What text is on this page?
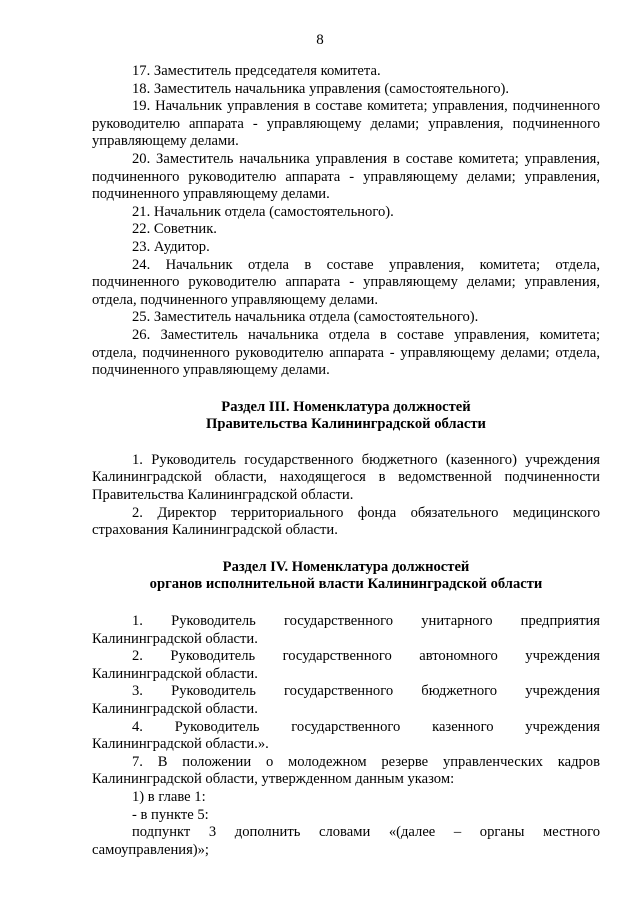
8

17. Заместитель председателя комитета.

18. Заместитель начальника управления (самостоятельного).

19. Начальник управления в составе комитета; управления, подчиненного руководителю аппарата - управляющему делами; управления, подчиненного управляющему делами.

20. Заместитель начальника управления в составе комитета; управления, подчиненного руководителю аппарата - управляющему делами; управления, подчиненного управляющему делами.

21. Начальник отдела (самостоятельного).

22. Советник.

23. Аудитор.

24. Начальник отдела в составе управления, комитета; отдела, подчиненного руководителю аппарата - управляющему делами; управления, отдела, подчиненного управляющему делами.

25. Заместитель начальника отдела (самостоятельного).

26. Заместитель начальника отдела в составе управления, комитета; отдела, подчиненного руководителю аппарата - управляющему делами; отдела, подчиненного управляющему делами.

Раздел III. Номенклатура должностей

Правительства Калининградской области

1. Руководитель государственного бюджетного (казенного) учреждения Калининградской области, находящегося в ведомственной подчиненности Правительства Калининградской области.

2. Директор территориального фонда обязательного медицинского страхования Калининградской области.

Раздел IV. Номенклатура должностей

органов исполнительной власти Калининградской области

1. Руководитель государственного унитарного предприятия Калининградской области.

2. Руководитель государственного автономного учреждения Калининградской области.

3. Руководитель государственного бюджетного учреждения Калининградской области.

4. Руководитель государственного казенного учреждения Калининградской области.».

7. В положении о молодежном резерве управленческих кадров Калининградской области, утвержденном данным указом:

1) в главе 1:

- в пункте 5:

подпункт 3 дополнить словами «(далее – органы местного самоуправления)»;
